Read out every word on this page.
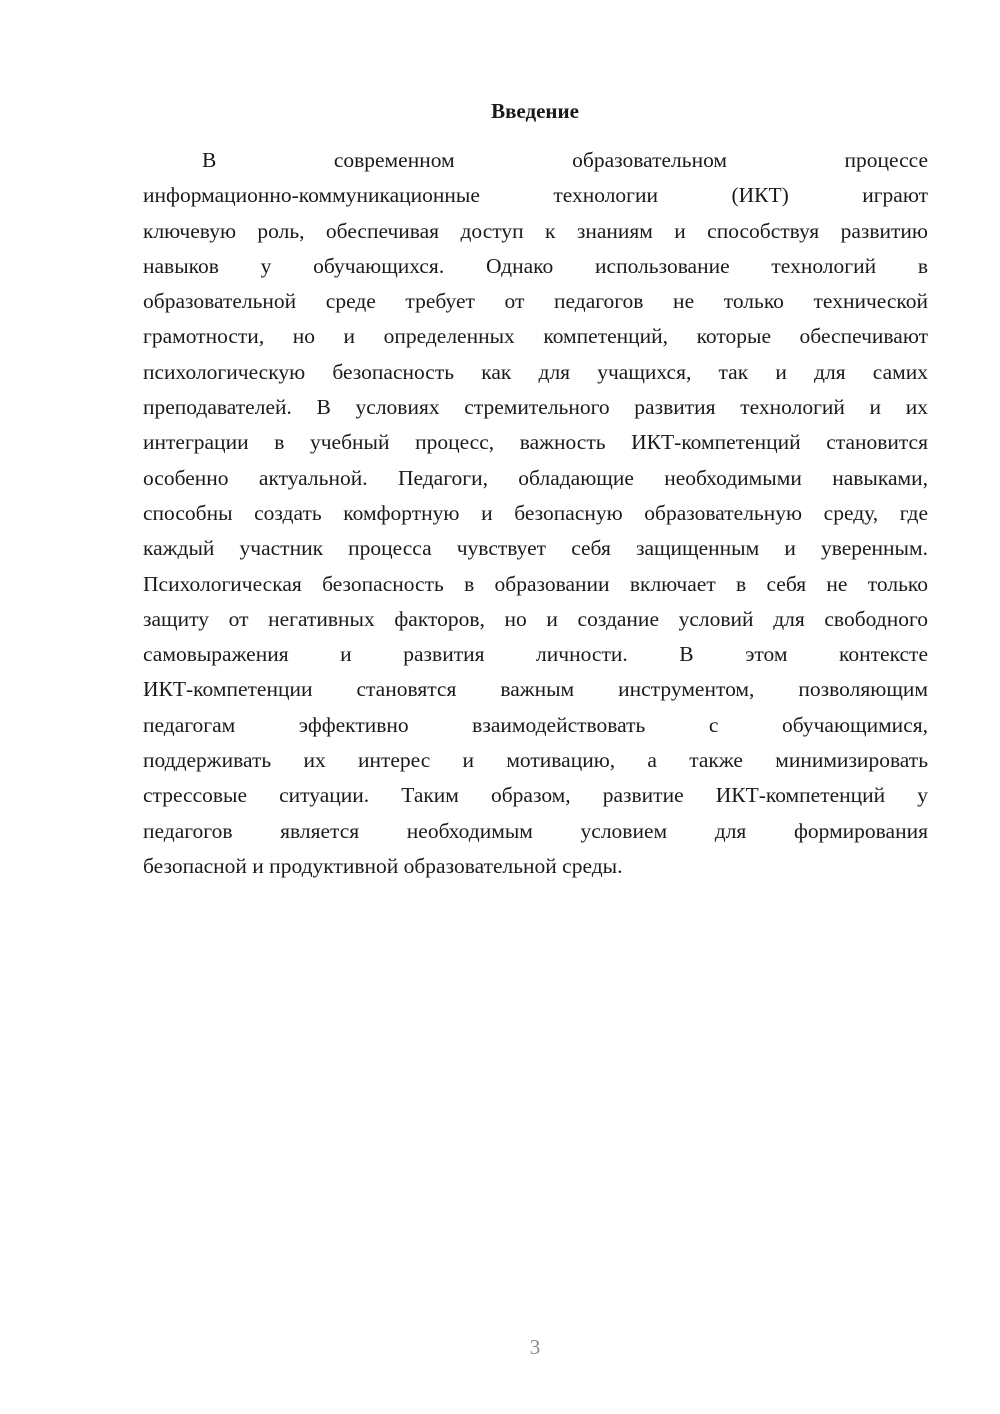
Введение
В современном образовательном процессе
информационно-коммуникационные технологии (ИКТ) играют
ключевую роль, обеспечивая доступ к знаниям и способствуя развитию
навыков у обучающихся. Однако использование технологий в
образовательной среде требует от педагогов не только технической
грамотности, но и определенных компетенций, которые обеспечивают
психологическую безопасность как для учащихся, так и для самих
преподавателей. В условиях стремительного развития технологий и их
интеграции в учебный процесс, важность ИКТ-компетенций становится
особенно актуальной. Педагоги, обладающие необходимыми навыками,
способны создать комфортную и безопасную образовательную среду, где
каждый участник процесса чувствует себя защищенным и уверенным.
Психологическая безопасность в образовании включает в себя не только
защиту от негативных факторов, но и создание условий для свободного
самовыражения и развития личности. В этом контексте
ИКТ-компетенции становятся важным инструментом, позволяющим
педагогам эффективно взаимодействовать с обучающимися,
поддерживать их интерес и мотивацию, а также минимизировать
стрессовые ситуации. Таким образом, развитие ИКТ-компетенций у
педагогов является необходимым условием для формирования
безопасной и продуктивной образовательной среды.
3
